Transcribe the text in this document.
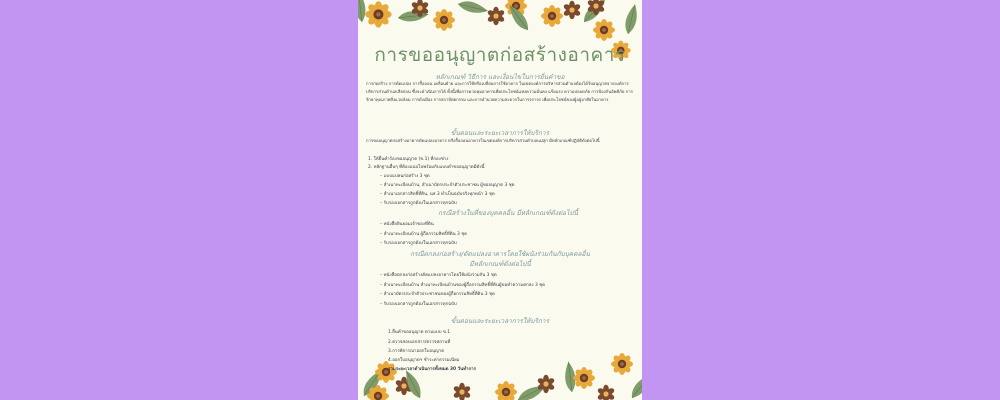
การขออนุญาตก่อสร้างอาคาร
หลักเกณฑ์ วิธีการ และเงื่อนไขในการยื่นคำขอ
การก่อสร้าง การดัดแปลง การรื้อถอน เคลื่อนย้าย และการใช้หรือเปลี่ยนการใช้อาคาร ในเขตองค์การบริหารส่วนตำบลต้องได้รับอนุญาตจากองค์การบริหารส่วนตำบลเสียก่อน ซึ่งจะดำเนินการได้ ทั้งนี้เพื่อการควบคุมอาคารเพื่อประโยชน์แห่งความมั่นคง แข็งแรง ความปลอดภัย การป้องกันอัคคีภัย การรักษาคุณภาพสิ่งแวดล้อม การผังเมือง การสถาปัตยกรรม และการอำนวยความสะดวกในการจราจร เพื่อประโยชน์ของผู้อยู่อาศัยในอาคาร
ขั้นตอนและระยะเวลาการให้บริการ
การขออนุญาตก่อสร้างอาคารดัดแปลงอาคาร หรือรื้อถอนอาคารในเขตองค์การบริหารส่วนตำบลแม่สุก มีหลักเกณฑ์ปฏิบัติดังต่อไปนี้
1. ให้ยื่นคำร้องขออนุญาต (ข.1) ที่กองช่าง
2. หลักฐานอื่นๆ ที่ต้องแนบไปพร้อมกับแบบคำขออนุญาตมีดังนี้
– แบบแปลนก่อสร้าง 3 ชุด
– สำเนาทะเบียนบ้าน, สำเนาบัตรประจำตัวประชาชน ผู้ขออนุญาต 3 ชุด
– สำเนาเอกสารสิทธิ์ที่ดิน, นส.3 ทำเป็นฉบับจริงทุกหน้า 3 ชุด
– รับรองเอกสารถูกต้องในเอกสารทุกฉบับ
กรณีสร้างในที่ของบุคคลอื่น มีหลักเกณฑ์ดังต่อไปนี้
– หนังสือยินยอมเจ้าของที่ดิน
– สำเนาทะเบียนบ้าน ผู้ถือกรรมสิทธิ์ที่ดิน 3 ชุด
– รับรองเอกสารถูกต้องในเอกสารทุกฉบับ
กรณีตกลงก่อสร้าง/ดัดแปลงอาคารโดยใช้ผนังร่วมกันกับบุคคลอื่น
มีหลักเกณฑ์ดังต่อไปนี้
– หนังสือตกลงก่อสร้างดัดแปลงอาคารโดยใช้ผนังร่วมกัน 3 ชุด
– สำเนาทะเบียนบ้าน สำเนาทะเบียนบ้านของผู้ถือกรรมสิทธิ์ที่ดินผู้ขอทำความตกลง 3 ชุด
– สำเนาบัตรประจำตัวประชาชนของผู้ถือกรรมสิทธิ์ที่ดิน 3 ชุด
– รับรองเอกสารถูกต้องในเอกสารทุกฉบับ
ขั้นตอนและระยะเวลาการให้บริการ
1.ยื่นคำขออนุญาต ตามแบบ ข.1
2.ตรวจสอบเอกสาร/ตรวจสถานที่
3.การพิจารณาออกใบอนุญาต
4.ออกใบอนุญาตฯ ชำระค่าธรรมเนียม
รวมระยะเวลาดำเนินการทั้งหมด 30 วันทำการ
